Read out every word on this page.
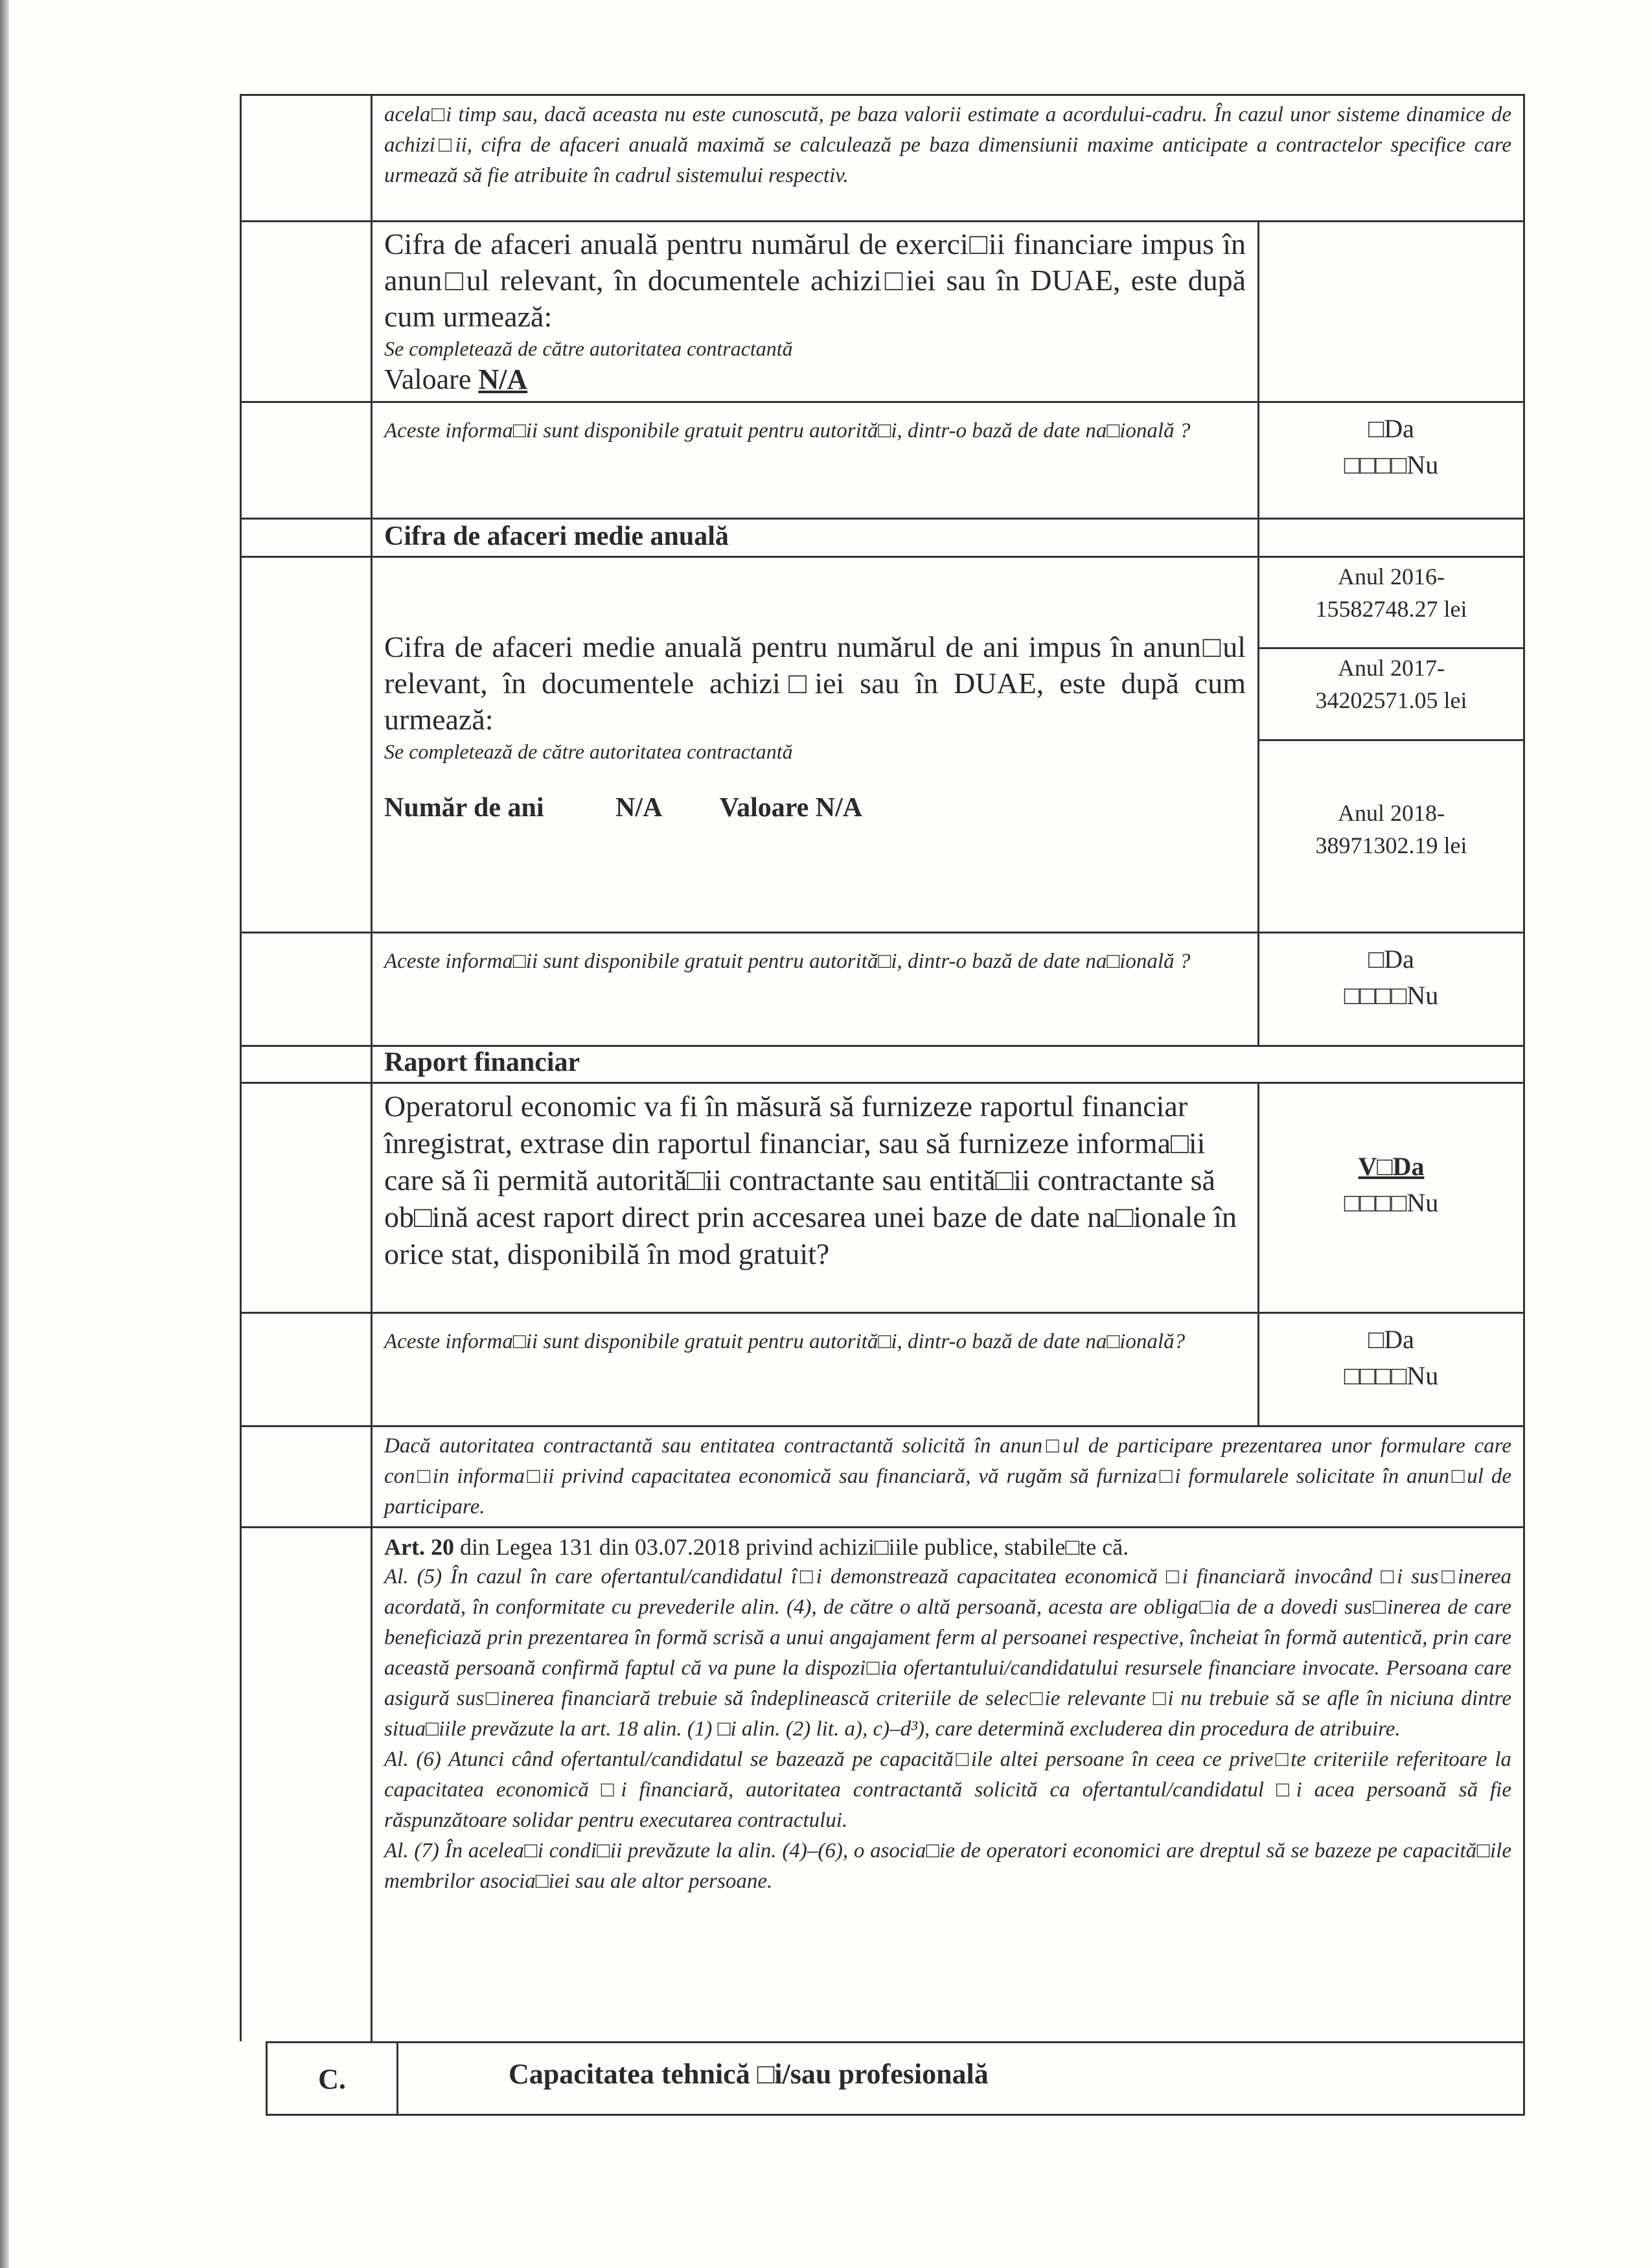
acela□i timp sau, dacă aceasta nu este cunoscută, pe baza valorii estimate a acordului-cadru. În cazul unor sisteme dinamice de achizi□ii, cifra de afaceri anuală maximă se calculează pe baza dimensiunii maxime anticipate a contractelor specifice care urmează să fie atribuite în cadrul sistemului respectiv.
Cifra de afaceri anuală pentru numărul de exerci□ii financiare impus în anun□ul relevant, în documentele achizi□iei sau în DUAE, este după cum urmează:
Se completează de către autoritatea contractantă
Valoare N/A
Aceste informa□ii sunt disponibile gratuit pentru autorită□i, dintr-o bază de date na□ională ?	□Da
□□□□Nu
Cifra de afaceri medie anuală
Cifra de afaceri medie anuală pentru numărul de ani impus în anun□ul relevant, în documentele achizi□iei sau în DUAE, este după cum urmează:
Se completează de către autoritatea contractantă
Număr de ani	N/A Valoare N/A
Anul 2016-
15582748.27 lei
Anul 2017-
34202571.05 lei
Anul 2018-
38971302.19 lei
Aceste informa□ii sunt disponibile gratuit pentru autorită□i, dintr-o bază de date na□ională ?	□Da
□□□□Nu
Raport financiar
Operatorul economic va fi în măsură să furnizeze raportul financiar înregistrat, extrase din raportul financiar, sau să furnizeze informa□ii care să îi permită autorită□ii contractante sau entită□ii contractante să ob□ină acest raport direct prin accesarea unei baze de date na□ionale în orice stat, disponibilă în mod gratuit?
V□Da
□□□□Nu
Aceste informa□ii sunt disponibile gratuit pentru autorită□i, dintr-o bază de date na□ională?	□Da
□□□□Nu
Dacă autoritatea contractantă sau entitatea contractantă solicită în anun□ul de participare prezentarea unor formulare care con□in informa□ii privind capacitatea economică sau financiară, vă rugăm să furniza□i formularele solicitate în anun□ul de participare.
Art. 20 din Legea 131 din 03.07.2018 privind achizi□iile publice, stabile□te că.
Al. (5) În cazul în care ofertantul/candidatul î□i demonstrează capacitatea economică □i financiară invocând □i sus□inerea acordată, în conformitate cu prevederile alin. (4), de către o altă persoană, acesta are obliga□ia de a dovedi sus□inerea de care beneficiază prin prezentarea în formă scrisă a unui angajament ferm al persoanei respective, încheiat în formă autentică, prin care această persoană confirmă faptul că va pune la dispozi□ia ofertantului/candidatului resursele financiare invocate. Persoana care asigură sus□inerea financiară trebuie să îndeplinească criteriile de selec□ie relevante □i nu trebuie să se afle în niciuna dintre situa□iile prevăzute la art. 18 alin. (1) □i alin. (2) lit. a), c)–d³), care determină excluderea din procedura de atribuire.
Al. (6) Atunci când ofertantul/candidatul se bazează pe capacită□ile altei persoane în ceea ce prive□te criteriile referitoare la capacitatea economică □i financiară, autoritatea contractantă solicită ca ofertantul/candidatul □i acea persoană să fie răspunzătoare solidar pentru executarea contractului.
Al. (7) În acelea□i condi□ii prevăzute la alin. (4)–(6), o asocia□ie de operatori economici are dreptul să se bazeze pe capacită□ile membrilor asocia□iei sau ale altor persoane.
C.	Capacitatea tehnică □i/sau profesională
